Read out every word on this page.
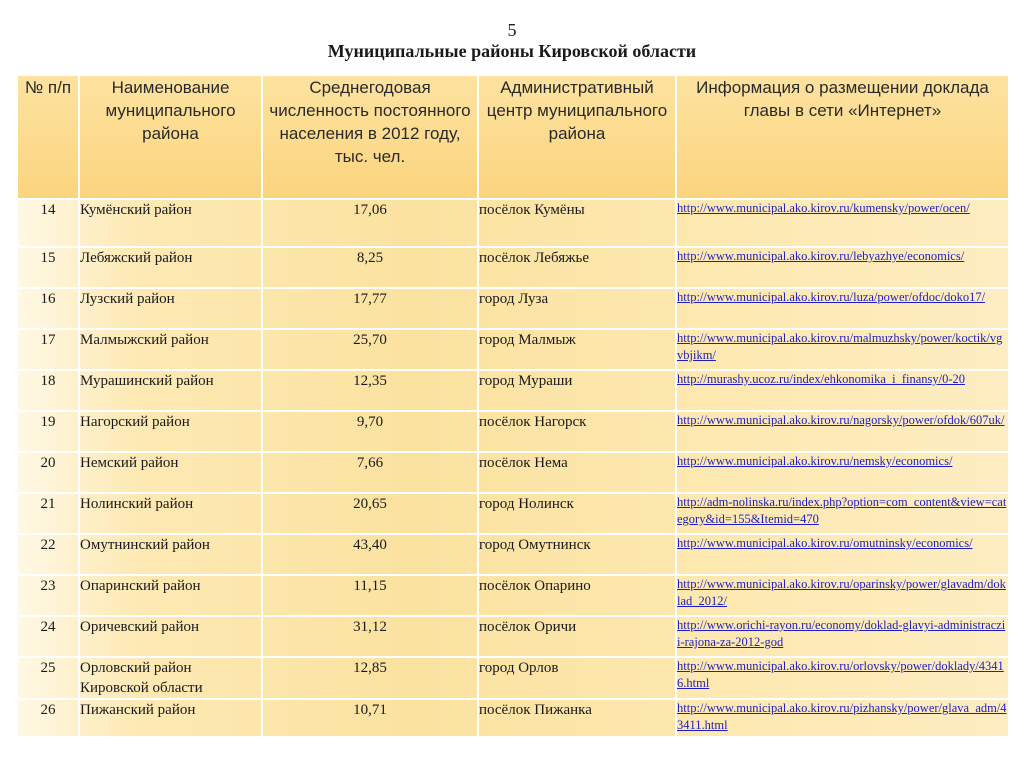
5
Муниципальные районы Кировской области
№ п/п	Наименование муниципального района	Среднегодовая численность постоянного населения в 2012 году, тыс. чел.	Административный центр муниципального района	Информация о размещении доклада главы в сети «Интернет»
14	Кумёнский район	17,06	посёлок Кумёны	http://www.municipal.ako.kirov.ru/kumensky/power/ocen/

15	Лебяжский район	8,25	посёлок Лебяжье	http://www.municipal.ako.kirov.ru/lebyazhye/economics/

16	Лузский район	17,77	город Луза	http://www.municipal.ako.kirov.ru/luza/power/ofdoc/doko17/

17	Малмыжский район	25,70	город Малмыж	http://www.municipal.ako.kirov.ru/malmuzhsky/power/koctik/vgvbjikm/

18	Мурашинский район	12,35	город Мураши	http://murashy.ucoz.ru/index/ehkonomika_i_finansy/0-20

19	Нагорский район	9,70	посёлок Нагорск	http://www.municipal.ako.kirov.ru/nagorsky/power/ofdok/607uk/

20	Немский район	7,66	посёлок Нема	http://www.municipal.ako.kirov.ru/nemsky/economics/

21	Нолинский район	20,65	город Нолинск	http://adm-nolinska.ru/index.php?option=com_content&view=category&id=155&Itemid=470

22	Омутнинский район	43,40	город Омутнинск	http://www.municipal.ako.kirov.ru/omutninsky/economics/

23	Опаринский район	11,15	посёлок Опарино	http://www.municipal.ako.kirov.ru/oparinsky/power/glavadm/doklad_2012/

24	Оричевский район	31,12	посёлок Оричи	http://www.orichi-rayon.ru/economy/doklad-glavyi-administraczii-rajona-za-2012-god

25	Орловский район Кировской области	12,85	город Орлов	http://www.municipal.ako.kirov.ru/orlovsky/power/doklady/43416.html

26	Пижанский район	10,71	посёлок Пижанка	http://www.municipal.ako.kirov.ru/pizhansky/power/glava_adm/43411.html
